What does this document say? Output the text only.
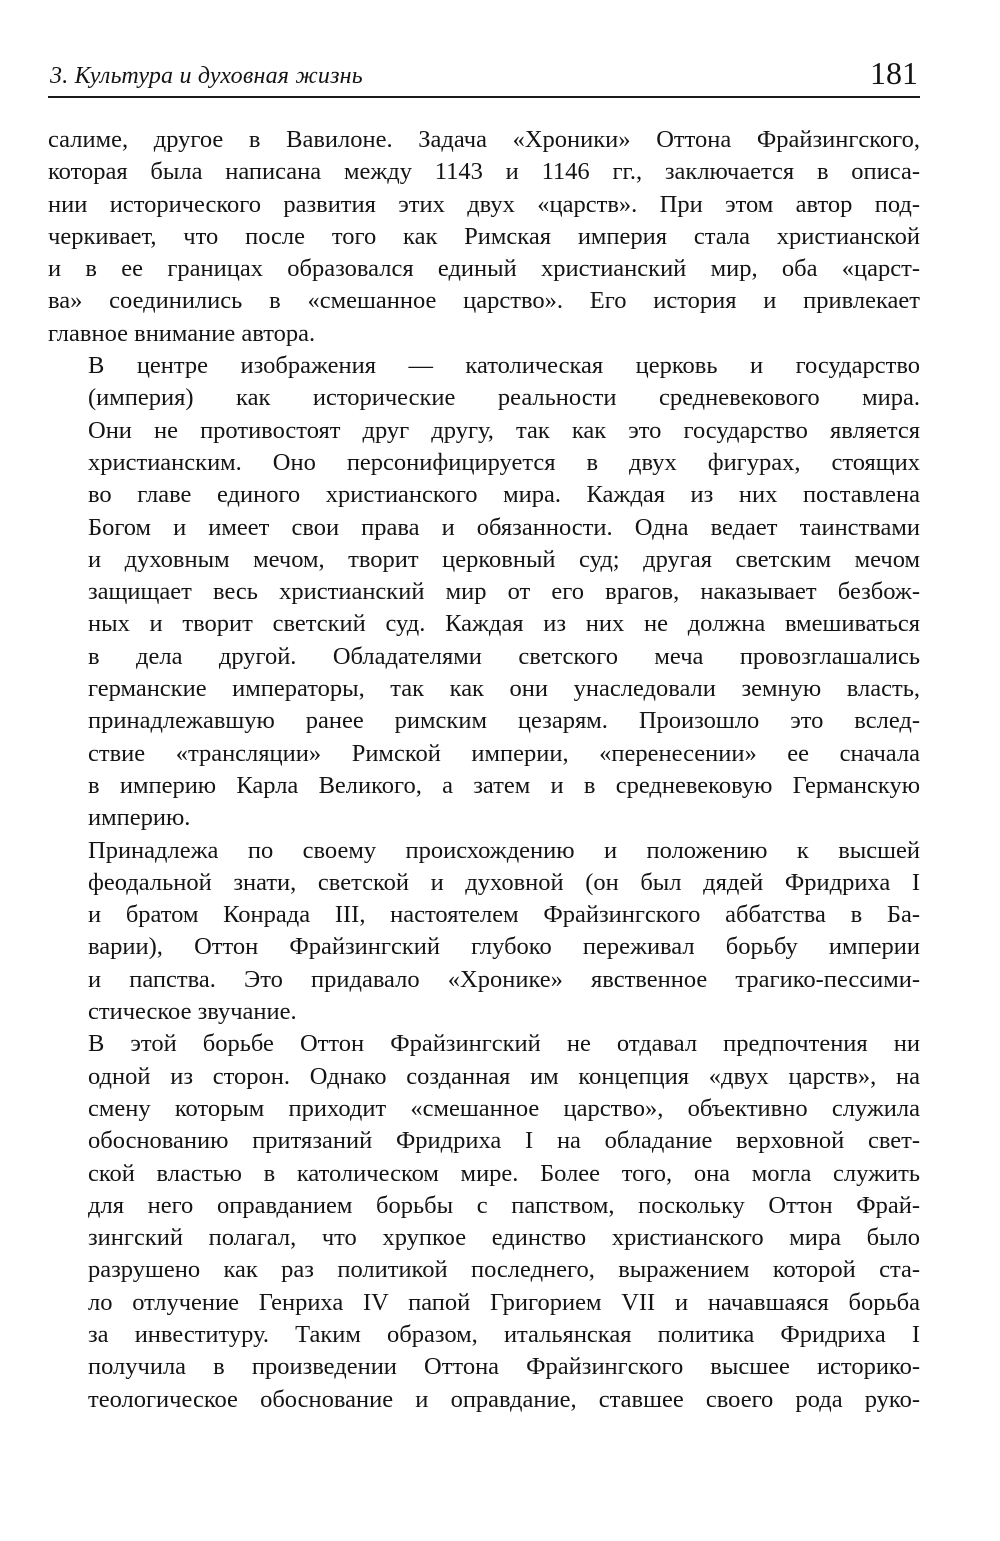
3. Культура и духовная жизнь	181

салиме, другое в Вавилоне. Задача «Хроники» Оттона Фрайзингского,
которая была написана между 1143 и 1146 гг., заключается в описа-
нии исторического развития этих двух «царств». При этом автор под-
черкивает, что после того как Римская империя стала христианской
и в ее границах образовался единый христианский мир, оба «царст-
ва» соединились в «смешанное царство». Его история и привлекает
главное внимание автора.

В центре изображения — католическая церковь и государство
(империя) как исторические реальности средневекового мира.
Они не противостоят друг другу, так как это государство является
христианским. Оно персонифицируется в двух фигурах, стоящих
во главе единого христианского мира. Каждая из них поставлена
Богом и имеет свои права и обязанности. Одна ведает таинствами
и духовным мечом, творит церковный суд; другая светским мечом
защищает весь христианский мир от его врагов, наказывает безбож-
ных и творит светский суд. Каждая из них не должна вмешиваться
в дела другой. Обладателями светского меча провозглашались
германские императоры, так как они унаследовали земную власть,
принадлежавшую ранее римским цезарям. Произошло это вслед-
ствие «трансляции» Римской империи, «перенесении» ее сначала
в империю Карла Великого, а затем и в средневековую Германскую
империю.

Принадлежа по своему происхождению и положению к высшей
феодальной знати, светской и духовной (он был дядей Фридриха I
и братом Конрада III, настоятелем Фрайзингского аббатства в Ба-
варии), Оттон Фрайзингский глубоко переживал борьбу империи
и папства. Это придавало «Хронике» явственное трагико-пессими-
стическое звучание.

В этой борьбе Оттон Фрайзингский не отдавал предпочтения ни
одной из сторон. Однако созданная им концепция «двух царств», на
смену которым приходит «смешанное царство», объективно служила
обоснованию притязаний Фридриха I на обладание верховной свет-
ской властью в католическом мире. Более того, она могла служить
для него оправданием борьбы с папством, поскольку Оттон Фрай-
зингский полагал, что хрупкое единство христианского мира было
разрушено как раз политикой последнего, выражением которой ста-
ло отлучение Генриха IV папой Григорием VII и начавшаяся борьба
за инвеституру. Таким образом, итальянская политика Фридриха I
получила в произведении Оттона Фрайзингского высшее историко-
теологическое обоснование и оправдание, ставшее своего рода руко-
